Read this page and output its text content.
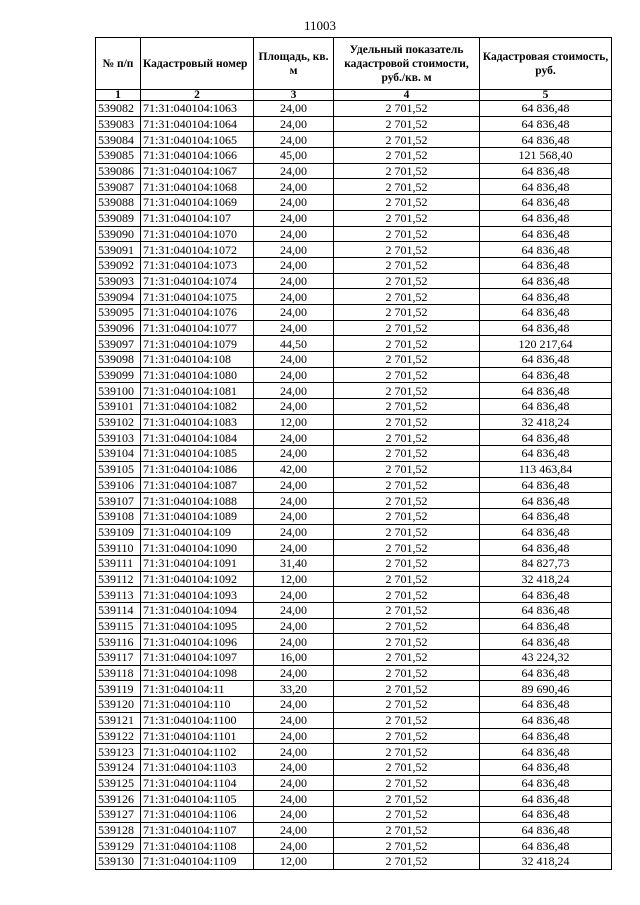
11003
№ п/п	Кадастровый номер	Площадь, кв. м	Удельный показатель кадастровой стоимости, руб./кв. м	Кадастровая стоимость, руб.
1	2	3	4	5
539082	71:31:040104:1063	24,00	2 701,52	64 836,48
539083	71:31:040104:1064	24,00	2 701,52	64 836,48
539084	71:31:040104:1065	24,00	2 701,52	64 836,48
539085	71:31:040104:1066	45,00	2 701,52	121 568,40
539086	71:31:040104:1067	24,00	2 701,52	64 836,48
539087	71:31:040104:1068	24,00	2 701,52	64 836,48
539088	71:31:040104:1069	24,00	2 701,52	64 836,48
539089	71:31:040104:107	24,00	2 701,52	64 836,48
539090	71:31:040104:1070	24,00	2 701,52	64 836,48
539091	71:31:040104:1072	24,00	2 701,52	64 836,48
539092	71:31:040104:1073	24,00	2 701,52	64 836,48
539093	71:31:040104:1074	24,00	2 701,52	64 836,48
539094	71:31:040104:1075	24,00	2 701,52	64 836,48
539095	71:31:040104:1076	24,00	2 701,52	64 836,48
539096	71:31:040104:1077	24,00	2 701,52	64 836,48
539097	71:31:040104:1079	44,50	2 701,52	120 217,64
539098	71:31:040104:108	24,00	2 701,52	64 836,48
539099	71:31:040104:1080	24,00	2 701,52	64 836,48
539100	71:31:040104:1081	24,00	2 701,52	64 836,48
539101	71:31:040104:1082	24,00	2 701,52	64 836,48
539102	71:31:040104:1083	12,00	2 701,52	32 418,24
539103	71:31:040104:1084	24,00	2 701,52	64 836,48
539104	71:31:040104:1085	24,00	2 701,52	64 836,48
539105	71:31:040104:1086	42,00	2 701,52	113 463,84
539106	71:31:040104:1087	24,00	2 701,52	64 836,48
539107	71:31:040104:1088	24,00	2 701,52	64 836,48
539108	71:31:040104:1089	24,00	2 701,52	64 836,48
539109	71:31:040104:109	24,00	2 701,52	64 836,48
539110	71:31:040104:1090	24,00	2 701,52	64 836,48
539111	71:31:040104:1091	31,40	2 701,52	84 827,73
539112	71:31:040104:1092	12,00	2 701,52	32 418,24
539113	71:31:040104:1093	24,00	2 701,52	64 836,48
539114	71:31:040104:1094	24,00	2 701,52	64 836,48
539115	71:31:040104:1095	24,00	2 701,52	64 836,48
539116	71:31:040104:1096	24,00	2 701,52	64 836,48
539117	71:31:040104:1097	16,00	2 701,52	43 224,32
539118	71:31:040104:1098	24,00	2 701,52	64 836,48
539119	71:31:040104:11	33,20	2 701,52	89 690,46
539120	71:31:040104:110	24,00	2 701,52	64 836,48
539121	71:31:040104:1100	24,00	2 701,52	64 836,48
539122	71:31:040104:1101	24,00	2 701,52	64 836,48
539123	71:31:040104:1102	24,00	2 701,52	64 836,48
539124	71:31:040104:1103	24,00	2 701,52	64 836,48
539125	71:31:040104:1104	24,00	2 701,52	64 836,48
539126	71:31:040104:1105	24,00	2 701,52	64 836,48
539127	71:31:040104:1106	24,00	2 701,52	64 836,48
539128	71:31:040104:1107	24,00	2 701,52	64 836,48
539129	71:31:040104:1108	24,00	2 701,52	64 836,48
539130	71:31:040104:1109	12,00	2 701,52	32 418,24
